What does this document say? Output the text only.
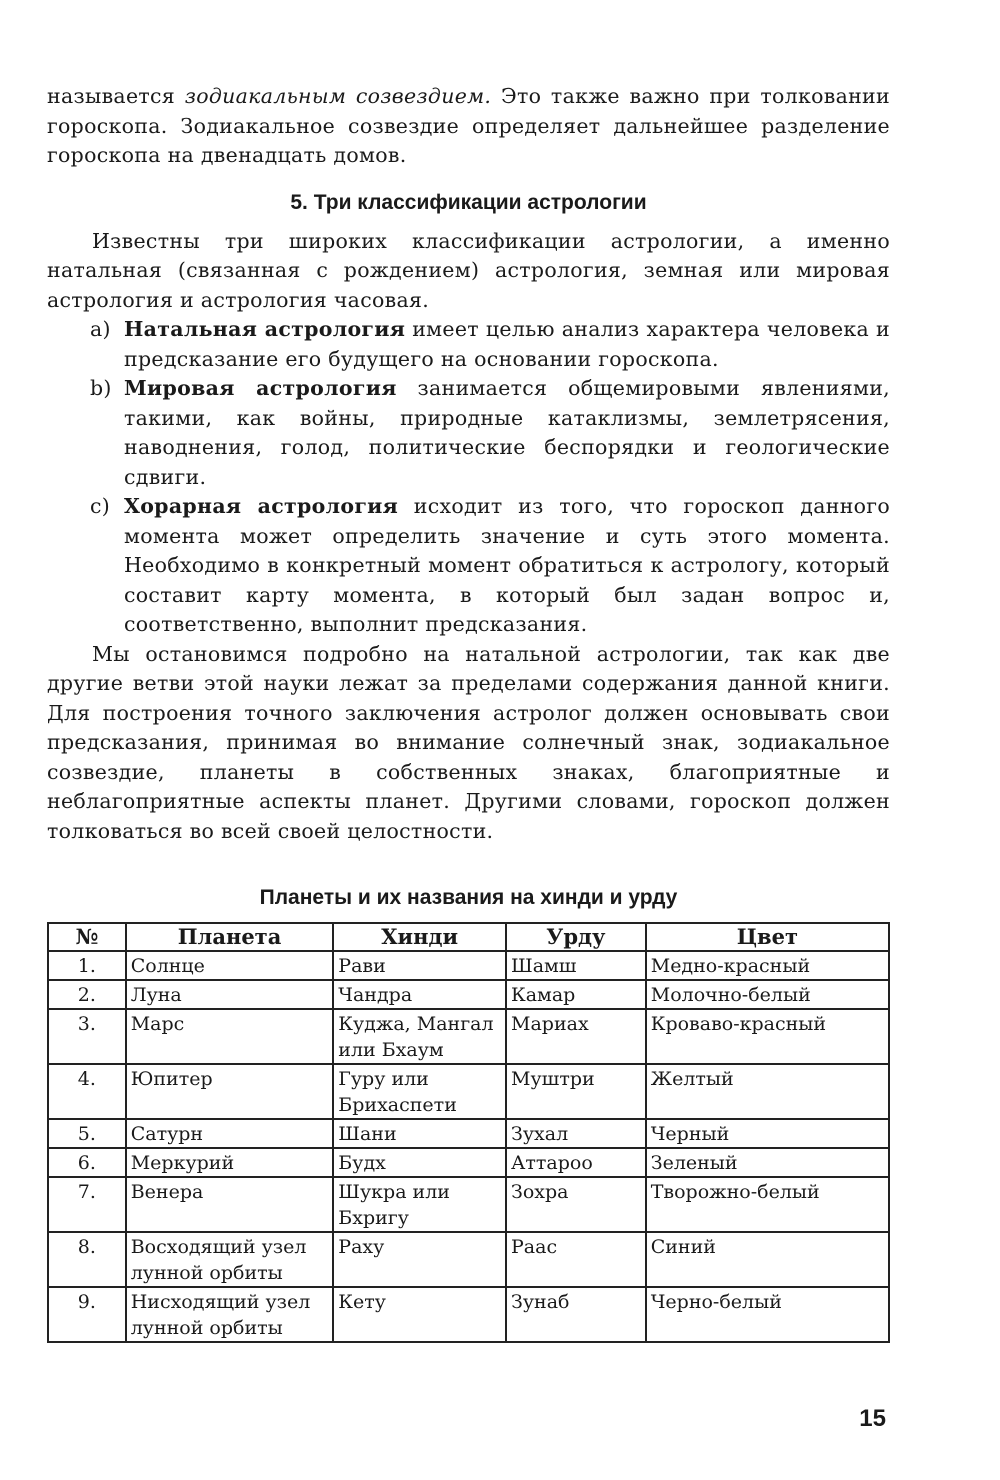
называется зодиакальным созвездием. Это также важно при толковании гороскопа. Зодиакальное созвездие определяет дальнейшее разделение гороскопа на двенадцать домов.

5. Три классификации астрологии

Известны три широких классификации астрологии, а именно натальная (связанная с рождением) астрология, земная или мировая астрология и астрология часовая.

a) Натальная астрология имеет целью анализ характера человека и предсказание его будущего на основании гороскопа.
b) Мировая астрология занимается общемировыми явлениями, такими, как войны, природные катаклизмы, землетрясения, наводнения, голод, политические беспорядки и геологические сдвиги.
c) Хорарная астрология исходит из того, что гороскоп данного момента может определить значение и суть этого момента. Необходимо в конкретный момент обратиться к астрологу, который составит карту момента, в который был задан вопрос и, соответственно, выполнит предсказания.

Мы остановимся подробно на натальной астрологии, так как две другие ветви этой науки лежат за пределами содержания данной книги. Для построения точного заключения астролог должен основывать свои предсказания, принимая во внимание солнечный знак, зодиакальное созвездие, планеты в собственных знаках, благоприятные и неблагоприятные аспекты планет. Другими словами, гороскоп должен толковаться во всей своей целостности.

Планеты и их названия на хинди и урду
№	Планета	Хинди	Урду	Цвет
1.	Солнце	Рави	Шамш	Медно-красный
2.	Луна	Чандра	Камар	Молочно-белый
3.	Марс	Куджа, Мангал или Бхаум	Мариах	Кроваво-красный
4.	Юпитер	Гуру или Брихаспети	Муштри	Желтый
5.	Сатурн	Шани	Зухал	Черный
6.	Меркурий	Будх	Аттароо	Зеленый
7.	Венера	Шукра или Бхригу	Зохра	Творожно-белый
8.	Восходящий узел лунной орбиты	Раху	Раас	Синий
9.	Нисходящий узел лунной орбиты	Кету	Зунаб	Черно-белый
15
